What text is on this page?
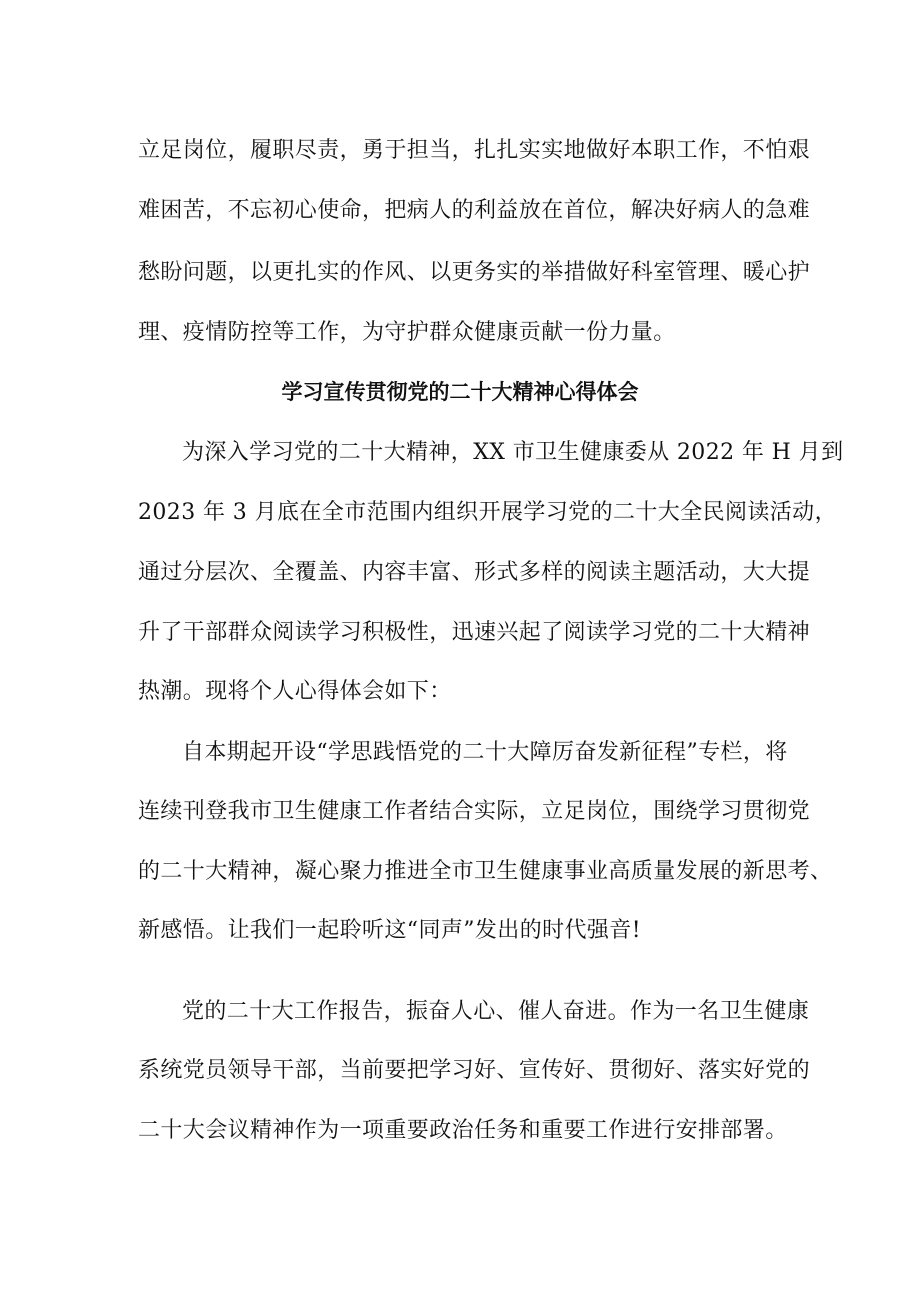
立足岗位，履职尽责，勇于担当，扎扎实实地做好本职工作，不怕艰
难困苦，不忘初心使命，把病人的利益放在首位，解决好病人的急难
愁盼问题，以更扎实的作风、以更务实的举措做好科室管理、暖心护
理、疫情防控等工作，为守护群众健康贡献一份力量。
学习宣传贯彻党的二十大精神心得体会
为深入学习党的二十大精神，XX 市卫生健康委从 2022 年 H 月到
2023 年 3 月底在全市范围内组织开展学习党的二十大全民阅读活动，
通过分层次、全覆盖、内容丰富、形式多样的阅读主题活动，大大提
升了干部群众阅读学习积极性，迅速兴起了阅读学习党的二十大精神
热潮。现将个人心得体会如下：
自本期起开设“学思践悟党的二十大障厉奋发新征程”专栏，将
连续刊登我市卫生健康工作者结合实际，立足岗位，围绕学习贯彻党
的二十大精神，凝心聚力推进全市卫生健康事业高质量发展的新思考、
新感悟。让我们一起聆听这“同声”发出的时代强音!
党的二十大工作报告，振奋人心、催人奋进。作为一名卫生健康
系统党员领导干部，当前要把学习好、宣传好、贯彻好、落实好党的
二十大会议精神作为一项重要政治任务和重要工作进行安排部署。
